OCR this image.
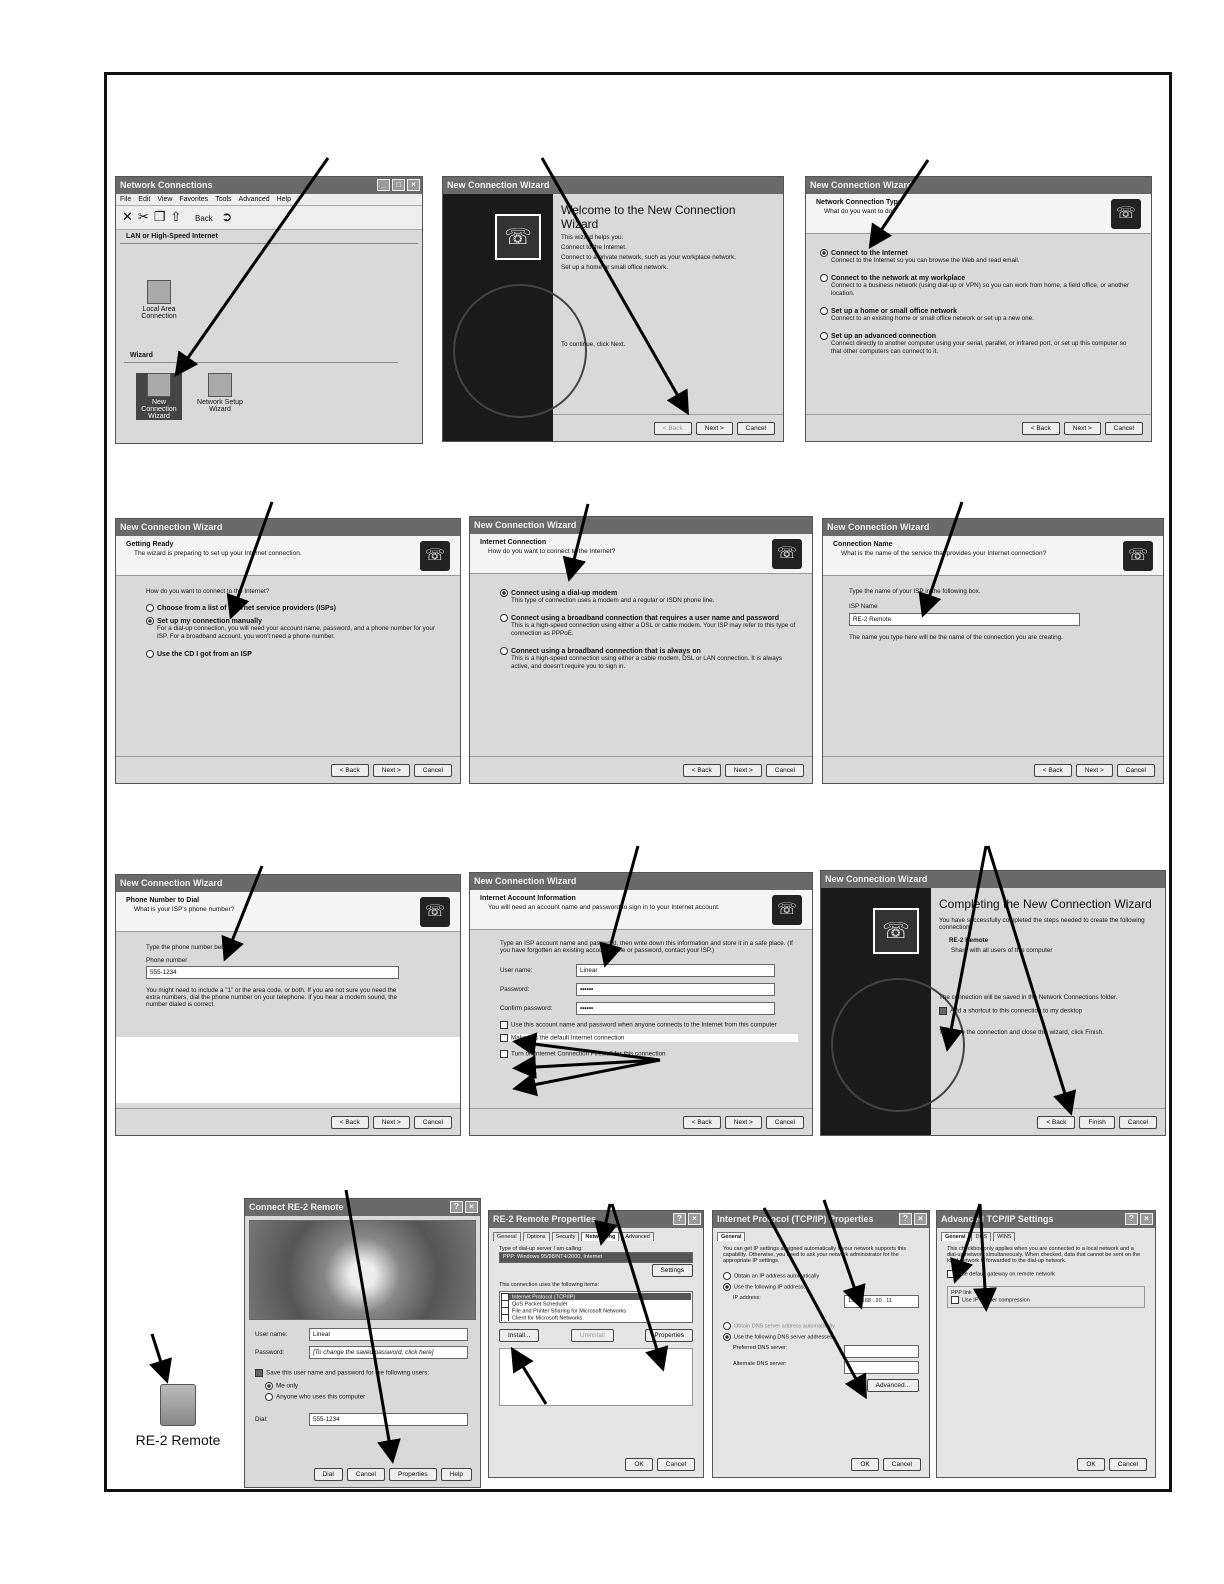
Network Connections	_	□	×
File Edit View Favorites Tools Advanced Help
✕✂❐⇧ Back ➲
LAN or High-Speed Internet
Local Area Connection
Wizard
New Connection Wizard
Network Setup Wizard
New Connection Wizard
☏
Welcome to the New Connection Wizard
This wizard helps you:
Connect to the Internet.
Connect to a private network, such as your workplace network.
Set up a home or small office network.
To continue, click Next.
< Back	Next >	Cancel
New Connection Wizard
Network Connection Type
What do you want to do?	☏
Connect to the Internet
Connect to the Internet so you can browse the Web and read email.
Connect to the network at my workplace
Connect to a business network (using dial-up or VPN) so you can work from home, a field office, or another location.
Set up a home or small office network
Connect to an existing home or small office network or set up a new one.
Set up an advanced connection
Connect directly to another computer using your serial, parallel, or infrared port, or set up this computer so that other computers can connect to it.
< Back	Next >	Cancel
New Connection Wizard
Getting Ready
The wizard is preparing to set up your Internet connection.	☏
How do you want to connect to the Internet?
Choose from a list of Internet service providers (ISPs)
Set up my connection manually
For a dial-up connection, you will need your account name, password, and a phone number for your ISP. For a broadband account, you won't need a phone number.
Use the CD I got from an ISP
< Back	Next >	Cancel
New Connection Wizard
Internet Connection
How do you want to connect to the Internet?	☏
Connect using a dial-up modem
This type of connection uses a modem and a regular or ISDN phone line.
Connect using a broadband connection that requires a user name and password
This is a high-speed connection using either a DSL or cable modem. Your ISP may refer to this type of connection as PPPoE.
Connect using a broadband connection that is always on
This is a high-speed connection using either a cable modem, DSL or LAN connection. It is always active, and doesn't require you to sign in.
< Back	Next >	Cancel
New Connection Wizard
Connection Name
What is the name of the service that provides your Internet connection?	☏
Type the name of your ISP in the following box.
ISP Name
RE-2 Remote
The name you type here will be the name of the connection you are creating.
< Back	Next >	Cancel
New Connection Wizard
Phone Number to Dial
What is your ISP's phone number?	☏
Type the phone number below.
Phone number
555-1234
You might need to include a "1" or the area code, or both. If you are not sure you need the extra numbers, dial the phone number on your telephone. If you hear a modem sound, the number dialed is correct.
< Back	Next >	Cancel
New Connection Wizard
Internet Account Information
You will need an account name and password to sign in to your Internet account.	☏
Type an ISP account name and password, then write down this information and store it in a safe place. (If you have forgotten an existing account name or password, contact your ISP.)
User name:	Linear
Password:	••••••
Confirm password:	••••••
Use this account name and password when anyone connects to the Internet from this computer
Make this the default Internet connection
Turn on Internet Connection Firewall for this connection
< Back	Next >	Cancel
New Connection Wizard
☏
Completing the New Connection Wizard
You have successfully completed the steps needed to create the following connection:
RE-2 Remote
Share with all users of this computer
The connection will be saved in the Network Connections folder.
Add a shortcut to this connection to my desktop
To create the connection and close this wizard, click Finish.
< Back	Finish	Cancel
RE-2 Remote
Connect RE-2 Remote	?	×
User name:	Linear
Password:	[To change the saved password, click here]
Save this user name and password for the following users:
Me only
Anyone who uses this computer
Dial:	555-1234
Dial	Cancel	Properties	Help
RE-2 Remote Properties	?	×
General	Options	Security	Networking	Advanced
Type of dial-up server I am calling:
PPP: Windows 95/98/NT4/2000, Internet
Settings
This connection uses the following items:
Internet Protocol (TCP/IP)
QoS Packet Scheduler
File and Printer Sharing for Microsoft Networks
Client for Microsoft Networks
Install...	Uninstall	Properties
OK	Cancel
Internet Protocol (TCP/IP) Properties	?	×
General
You can get IP settings assigned automatically if your network supports this capability. Otherwise, you need to ask your network administrator for the appropriate IP settings.
Obtain an IP address automatically
Use the following IP address:
IP address:	192 . 168 . 20 . 11
Obtain DNS server address automatically
Use the following DNS server addresses:
Preferred DNS server:
Alternate DNS server:
Advanced...
OK	Cancel
Advanced TCP/IP Settings	?	×
General	DNS	WINS
This checkbox only applies when you are connected to a local network and a dial-up network simultaneously. When checked, data that cannot be sent on the local network is forwarded to the dial-up network.
Use default gateway on remote network
PPP link
Use IP header compression
OK	Cancel
